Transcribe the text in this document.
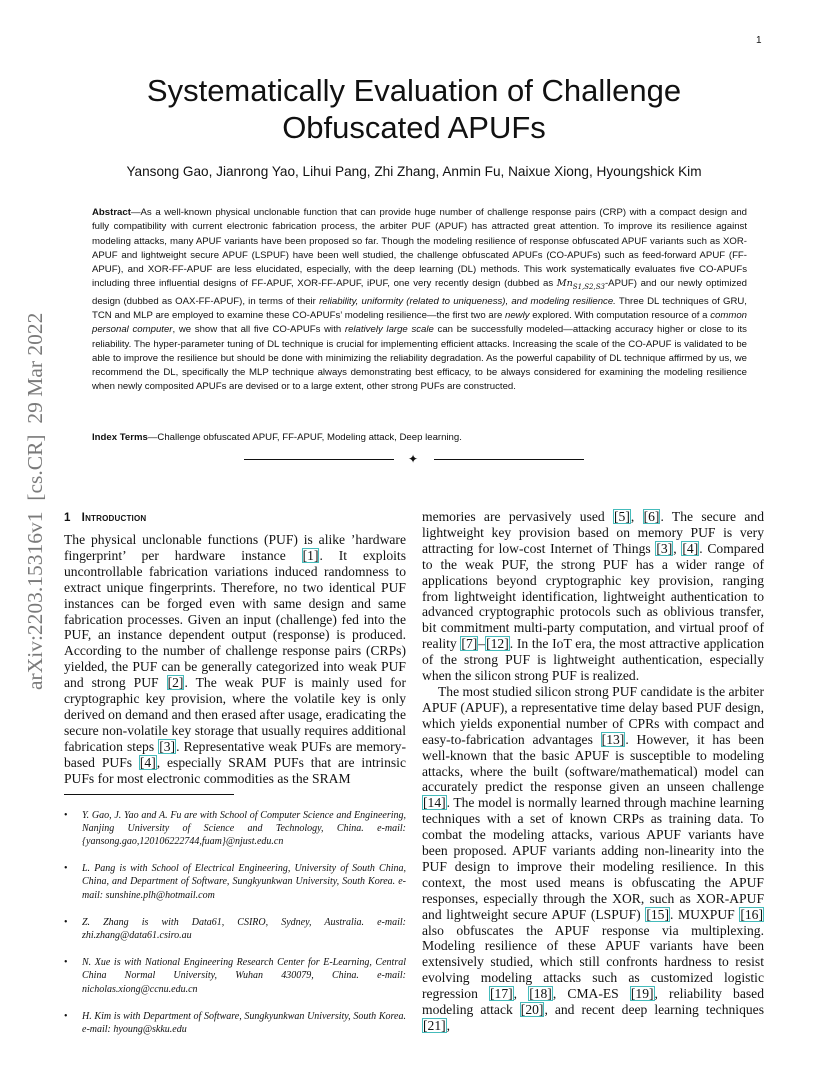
1
arXiv:2203.15316v1  [cs.CR]  29 Mar 2022
Systematically Evaluation of Challenge Obfuscated APUFs

Yansong Gao, Jianrong Yao, Lihui Pang, Zhi Zhang, Anmin Fu, Naixue Xiong, Hyoungshick Kim

Abstract—As a well-known physical unclonable function that can provide huge number of challenge response pairs (CRP) with a compact design and fully compatibility with current electronic fabrication process, the arbiter PUF (APUF) has attracted great attention. To improve its resilience against modeling attacks, many APUF variants have been proposed so far. Though the modeling resilience of response obfuscated APUF variants such as XOR-APUF and lightweight secure APUF (LSPUF) have been well studied, the challenge obfuscated APUFs (CO-APUFs) such as feed-forward APUF (FF-APUF), and XOR-FF-APUF are less elucidated, especially, with the deep learning (DL) methods. This work systematically evaluates five CO-APUFs including three influential designs of FF-APUF, XOR-FF-APUF, iPUF, one very recently design (dubbed as $Mn_{S1,S2,S3}-APUF$) and our newly optimized design (dubbed as OAX-FF-APUF), in terms of their reliability, uniformity (related to uniqueness), and modeling resilience. Three DL techniques of GRU, TCN and MLP are employed to examine these CO-APUFs’ modeling resilience—the first two are newly explored. With computation resource of a common personal computer, we show that all five CO-APUFs with relatively large scale can be successfully modeled—attacking accuracy higher or close to its reliability. The hyper-parameter tuning of DL technique is crucial for implementing efficient attacks. Increasing the scale of the CO-APUF is validated to be able to improve the resilience but should be done with minimizing the reliability degradation. As the powerful capability of DL technique affirmed by us, we recommend the DL, specifically the MLP technique always demonstrating best efficacy, to be always considered for examining the modeling resilience when newly composited APUFs are devised or to a large extent, other strong PUFs are constructed.

Index Terms—Challenge obfuscated APUF, FF-APUF, Modeling attack, Deep learning.

✦
1 Introduction

The physical unclonable functions (PUF) is alike ’hardware fingerprint’ per hardware instance [1]. It exploits uncontrollable fabrication variations induced randomness to extract unique fingerprints. Therefore, no two identical PUF instances can be forged even with same design and same fabrication processes. Given an input (challenge) fed into the PUF, an instance dependent output (response) is produced. According to the number of challenge response pairs (CRPs) yielded, the PUF can be generally categorized into weak PUF and strong PUF [2]. The weak PUF is mainly used for cryptographic key provision, where the volatile key is only derived on demand and then erased after usage, eradicating the secure non-volatile key storage that usually requires additional fabrication steps [3]. Representative weak PUFs are memory-based PUFs [4], especially SRAM PUFs that are intrinsic PUFs for most electronic commodities as the SRAM

• Y. Gao, J. Yao and A. Fu are with School of Computer Science and Engineering, Nanjing University of Science and Technology, China. e-mail: {yansong.gao,120106222744,fuam}@njust.edu.cn
• L. Pang is with School of Electrical Engineering, University of South China, China, and Department of Software, Sungkyunkwan University, South Korea. e-mail: sunshine.plh@hotmail.com
• Z. Zhang is with Data61, CSIRO, Sydney, Australia. e-mail: zhi.zhang@data61.csiro.au
• N. Xue is with National Engineering Research Center for E-Learning, Central China Normal University, Wuhan 430079, China. e-mail: nicholas.xiong@ccnu.edu.cn
• H. Kim is with Department of Software, Sungkyunkwan University, South Korea. e-mail: hyoung@skku.edu

memories are pervasively used [5], [6]. The secure and lightweight key provision based on memory PUF is very attracting for low-cost Internet of Things [3], [4]. Compared to the weak PUF, the strong PUF has a wider range of applications beyond cryptographic key provision, ranging from lightweight identification, lightweight authentication to advanced cryptographic protocols such as oblivious transfer, bit commitment multi-party computation, and virtual proof of reality [7]–[12]. In the IoT era, the most attractive application of the strong PUF is lightweight authentication, especially when the silicon strong PUF is realized.

The most studied silicon strong PUF candidate is the arbiter APUF (APUF), a representative time delay based PUF design, which yields exponential number of CPRs with compact and easy-to-fabrication advantages [13]. However, it has been well-known that the basic APUF is susceptible to modeling attacks, where the built (software/mathematical) model can accurately predict the response given an unseen challenge [14]. The model is normally learned through machine learning techniques with a set of known CRPs as training data. To combat the modeling attacks, various APUF variants have been proposed. APUF variants adding non-linearity into the PUF design to improve their modeling resilience. In this context, the most used means is obfuscating the APUF responses, especially through the XOR, such as XOR-APUF and lightweight secure APUF (LSPUF) [15]. MUXPUF [16] also obfuscates the APUF response via multiplexing. Modeling resilience of these APUF variants have been extensively studied, which still confronts hardness to resist evolving modeling attacks such as customized logistic regression [17], [18], CMA-ES [19], reliability based modeling attack [20], and recent deep learning techniques [21],
